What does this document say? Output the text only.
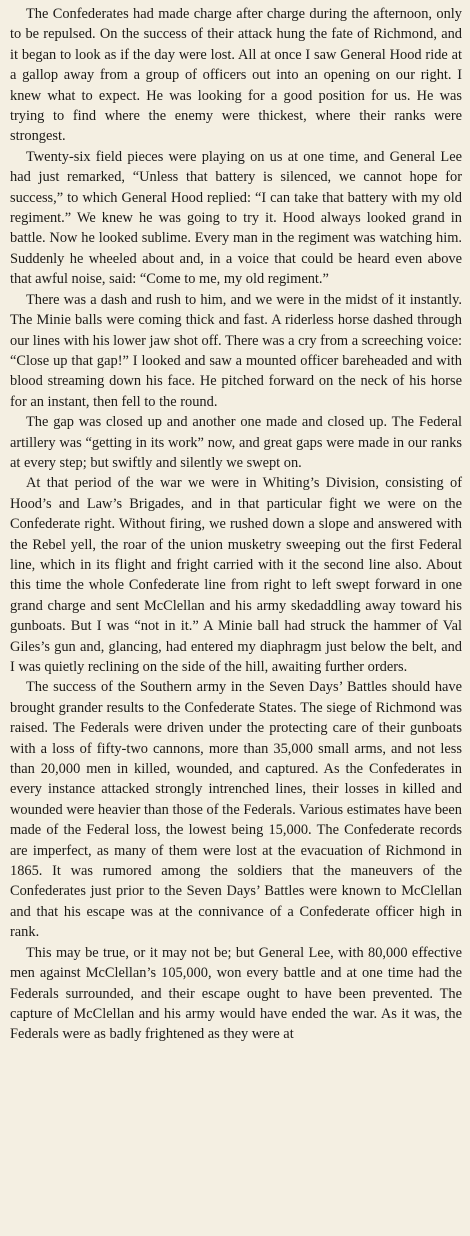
The Confederates had made charge after charge during the afternoon, only to be repulsed. On the success of their attack hung the fate of Richmond, and it began to look as if the day were lost. All at once I saw General Hood ride at a gallop away from a group of officers out into an opening on our right. I knew what to expect. He was looking for a good position for us. He was trying to find where the enemy were thickest, where their ranks were strongest.

Twenty-six field pieces were playing on us at one time, and General Lee had just remarked, “Unless that battery is silenced, we cannot hope for success,” to which General Hood replied: “I can take that battery with my old regiment.” We knew he was going to try it. Hood always looked grand in battle. Now he looked sublime. Every man in the regiment was watching him. Suddenly he wheeled about and, in a voice that could be heard even above that awful noise, said: “Come to me, my old regiment.”

There was a dash and rush to him, and we were in the midst of it instantly. The Minie balls were coming thick and fast. A riderless horse dashed through our lines with his lower jaw shot off. There was a cry from a screeching voice: “Close up that gap!” I looked and saw a mounted officer bareheaded and with blood streaming down his face. He pitched forward on the neck of his horse for an instant, then fell to the round.

The gap was closed up and another one made and closed up. The Federal artillery was “getting in its work” now, and great gaps were made in our ranks at every step; but swiftly and silently we swept on.

At that period of the war we were in Whiting’s Division, consisting of Hood’s and Law’s Brigades, and in that particular fight we were on the Confederate right. Without firing, we rushed down a slope and answered with the Rebel yell, the roar of the union musketry sweeping out the first Federal line, which in its flight and fright carried with it the second line also. About this time the whole Confederate line from right to left swept forward in one grand charge and sent McClellan and his army skedaddling away toward his gunboats. But I was “not in it.” A Minie ball had struck the hammer of Val Giles’s gun and, glancing, had entered my diaphragm just below the belt, and I was quietly reclining on the side of the hill, awaiting further orders.

The success of the Southern army in the Seven Days’ Battles should have brought grander results to the Confederate States. The siege of Richmond was raised. The Federals were driven under the protecting care of their gunboats with a loss of fifty-two cannons, more than 35,000 small arms, and not less than 20,000 men in killed, wounded, and captured. As the Confederates in every instance attacked strongly intrenched lines, their losses in killed and wounded were heavier than those of the Federals. Various estimates have been made of the Federal loss, the lowest being 15,000. The Confederate records are imperfect, as many of them were lost at the evacuation of Richmond in 1865. It was rumored among the soldiers that the maneuvers of the Confederates just prior to the Seven Days’ Battles were known to McClellan and that his escape was at the connivance of a Confederate officer high in rank.

This may be true, or it may not be; but General Lee, with 80,000 effective men against McClellan’s 105,000, won every battle and at one time had the Federals surrounded, and their escape ought to have been prevented. The capture of McClellan and his army would have ended the war. As it was, the Federals were as badly frightened as they were at
